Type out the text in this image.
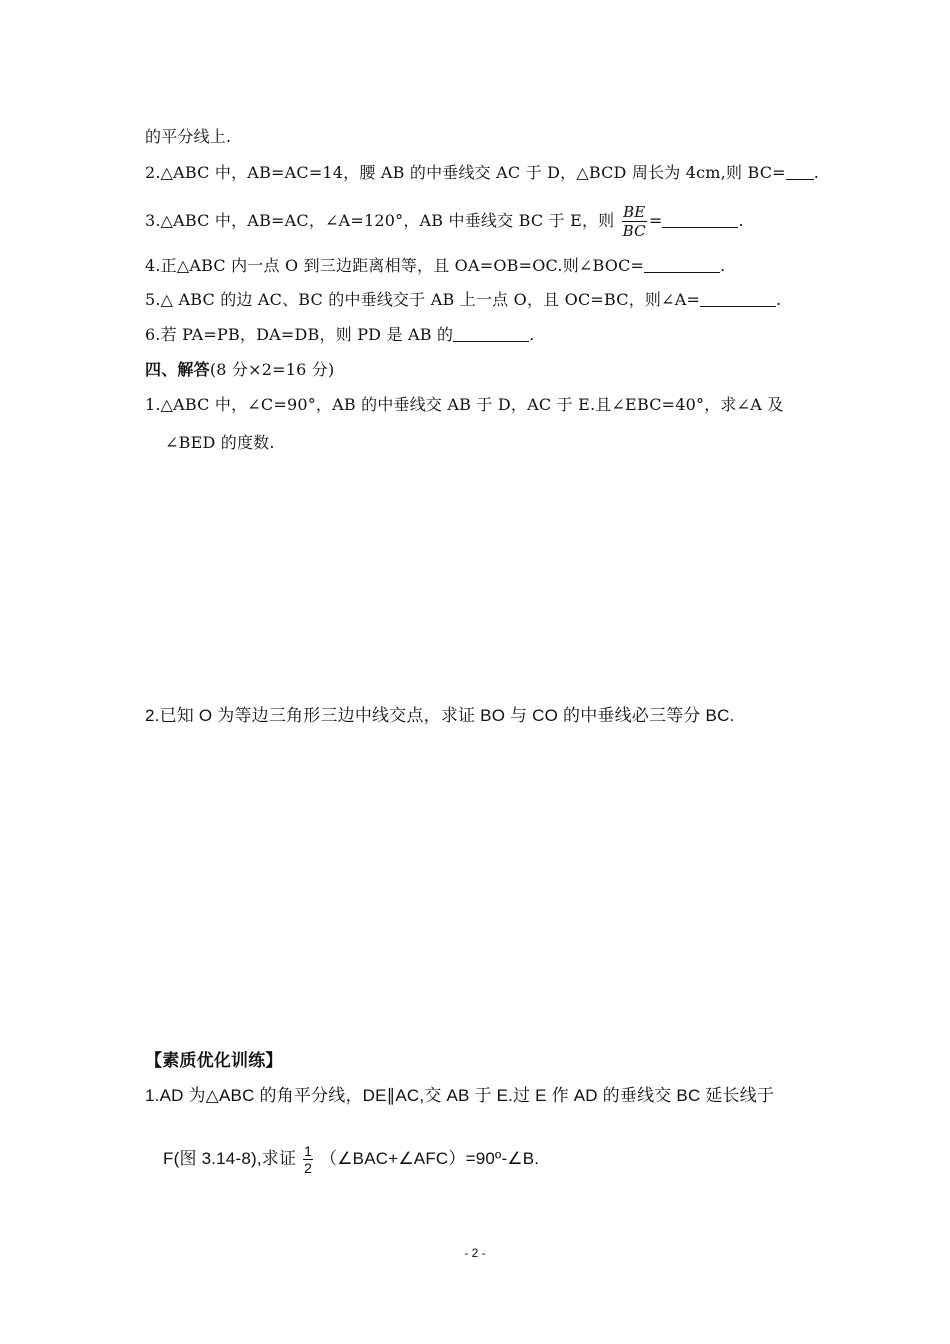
的平分线上.
2.△ABC 中，AB=AC=14，腰 AB 的中垂线交 AC 于 D，△BCD 周长为 4cm,则 BC= .
3.△ABC 中，AB=AC，∠A=120°，AB 中垂线交 BC 于 E，则 $\frac{BE}{BC}$ =	.
4.正△ABC 内一点 O 到三边距离相等，且 OA=OB=OC.则∠BOC=	.
5.△ ABC 的边 AC、BC 的中垂线交于 AB 上一点 O，且 OC=BC，则∠A=	.
6.若 PA=PB，DA=DB，则 PD 是 AB 的	.
四、解答(8 分×2=16 分)
1.△ABC 中，∠C=90°，AB 的中垂线交 AB 于 D，AC 于 E.且∠EBC=40°，求∠A 及
∠BED 的度数.
2.已知 O 为等边三角形三边中线交点，求证 BO 与 CO 的中垂线必三等分 BC.
【素质优化训练】
1.AD 为△ABC 的角平分线，DE∥AC,交 AB 于 E.过 E 作 AD 的垂线交 BC 延长线于
F(图 3.14-8),求证 $\frac{1}{2}$ （∠BAC+∠AFC）=90º-∠B.
- 2 -
